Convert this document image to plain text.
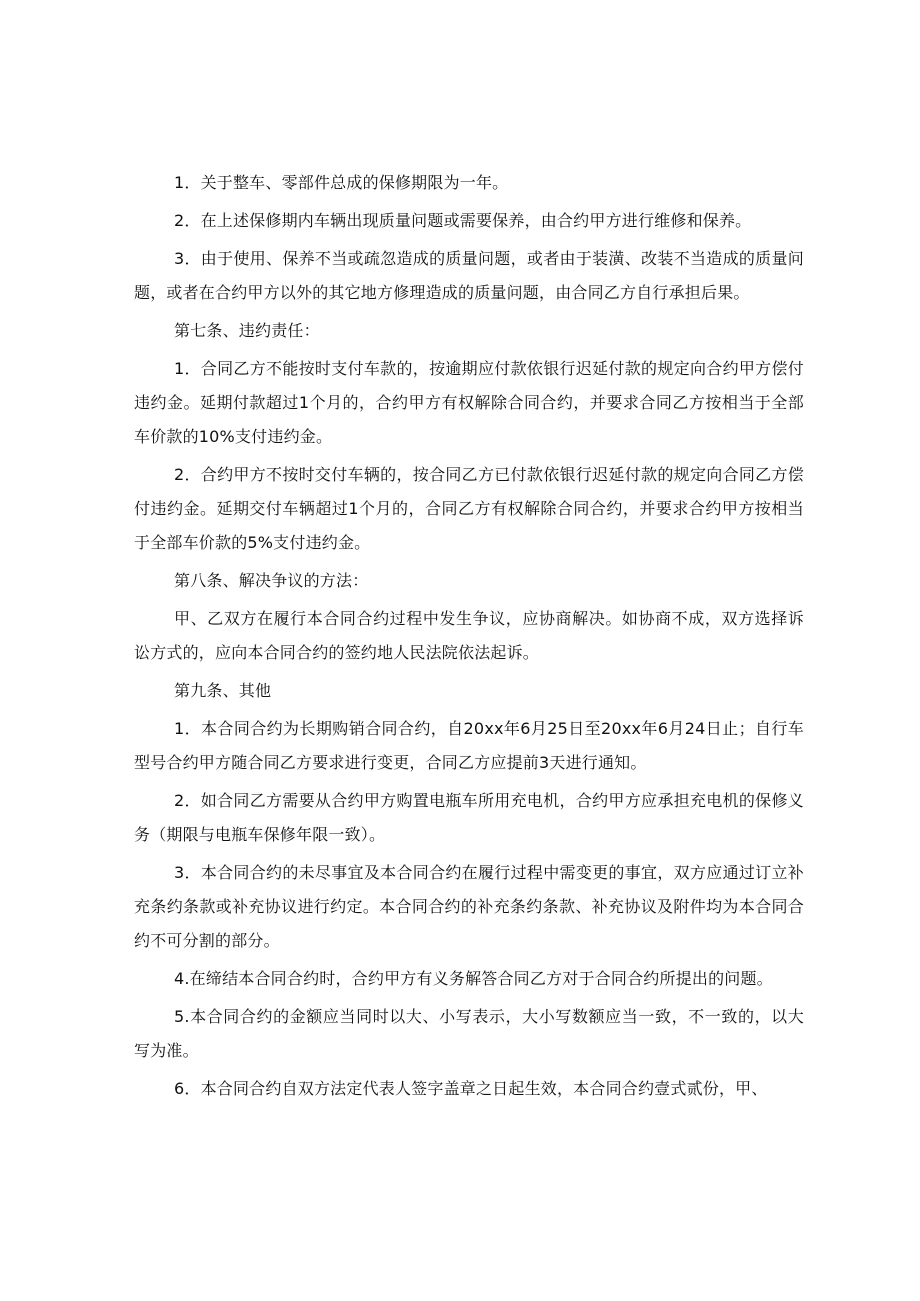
1．关于整车、零部件总成的保修期限为一年。

2．在上述保修期内车辆出现质量问题或需要保养，由合约甲方进行维修和保养。

3．由于使用、保养不当或疏忽造成的质量问题，或者由于装潢、改装不当造成的质量问题，或者在合约甲方以外的其它地方修理造成的质量问题，由合同乙方自行承担后果。

第七条、违约责任：

1．合同乙方不能按时支付车款的，按逾期应付款依银行迟延付款的规定向合约甲方偿付违约金。延期付款超过1个月的，合约甲方有权解除合同合约，并要求合同乙方按相当于全部车价款的10%支付违约金。

2．合约甲方不按时交付车辆的，按合同乙方已付款依银行迟延付款的规定向合同乙方偿付违约金。延期交付车辆超过1个月的，合同乙方有权解除合同合约，并要求合约甲方按相当于全部车价款的5%支付违约金。

第八条、解决争议的方法：

甲、乙双方在履行本合同合约过程中发生争议，应协商解决。如协商不成，双方选择诉讼方式的，应向本合同合约的签约地人民法院依法起诉。

第九条、其他

1．本合同合约为长期购销合同合约，自20xx年6月25日至20xx年6月24日止；自行车型号合约甲方随合同乙方要求进行变更，合同乙方应提前3天进行通知。

2．如合同乙方需要从合约甲方购置电瓶车所用充电机，合约甲方应承担充电机的保修义务（期限与电瓶车保修年限一致）。

3．本合同合约的未尽事宜及本合同合约在履行过程中需变更的事宜，双方应通过订立补充条约条款或补充协议进行约定。本合同合约的补充条约条款、补充协议及附件均为本合同合约不可分割的部分。

4.在缔结本合同合约时，合约甲方有义务解答合同乙方对于合同合约所提出的问题。

5.本合同合约的金额应当同时以大、小写表示，大小写数额应当一致，不一致的，以大写为准。

6．本合同合约自双方法定代表人签字盖章之日起生效，本合同合约壹式贰份，甲、
